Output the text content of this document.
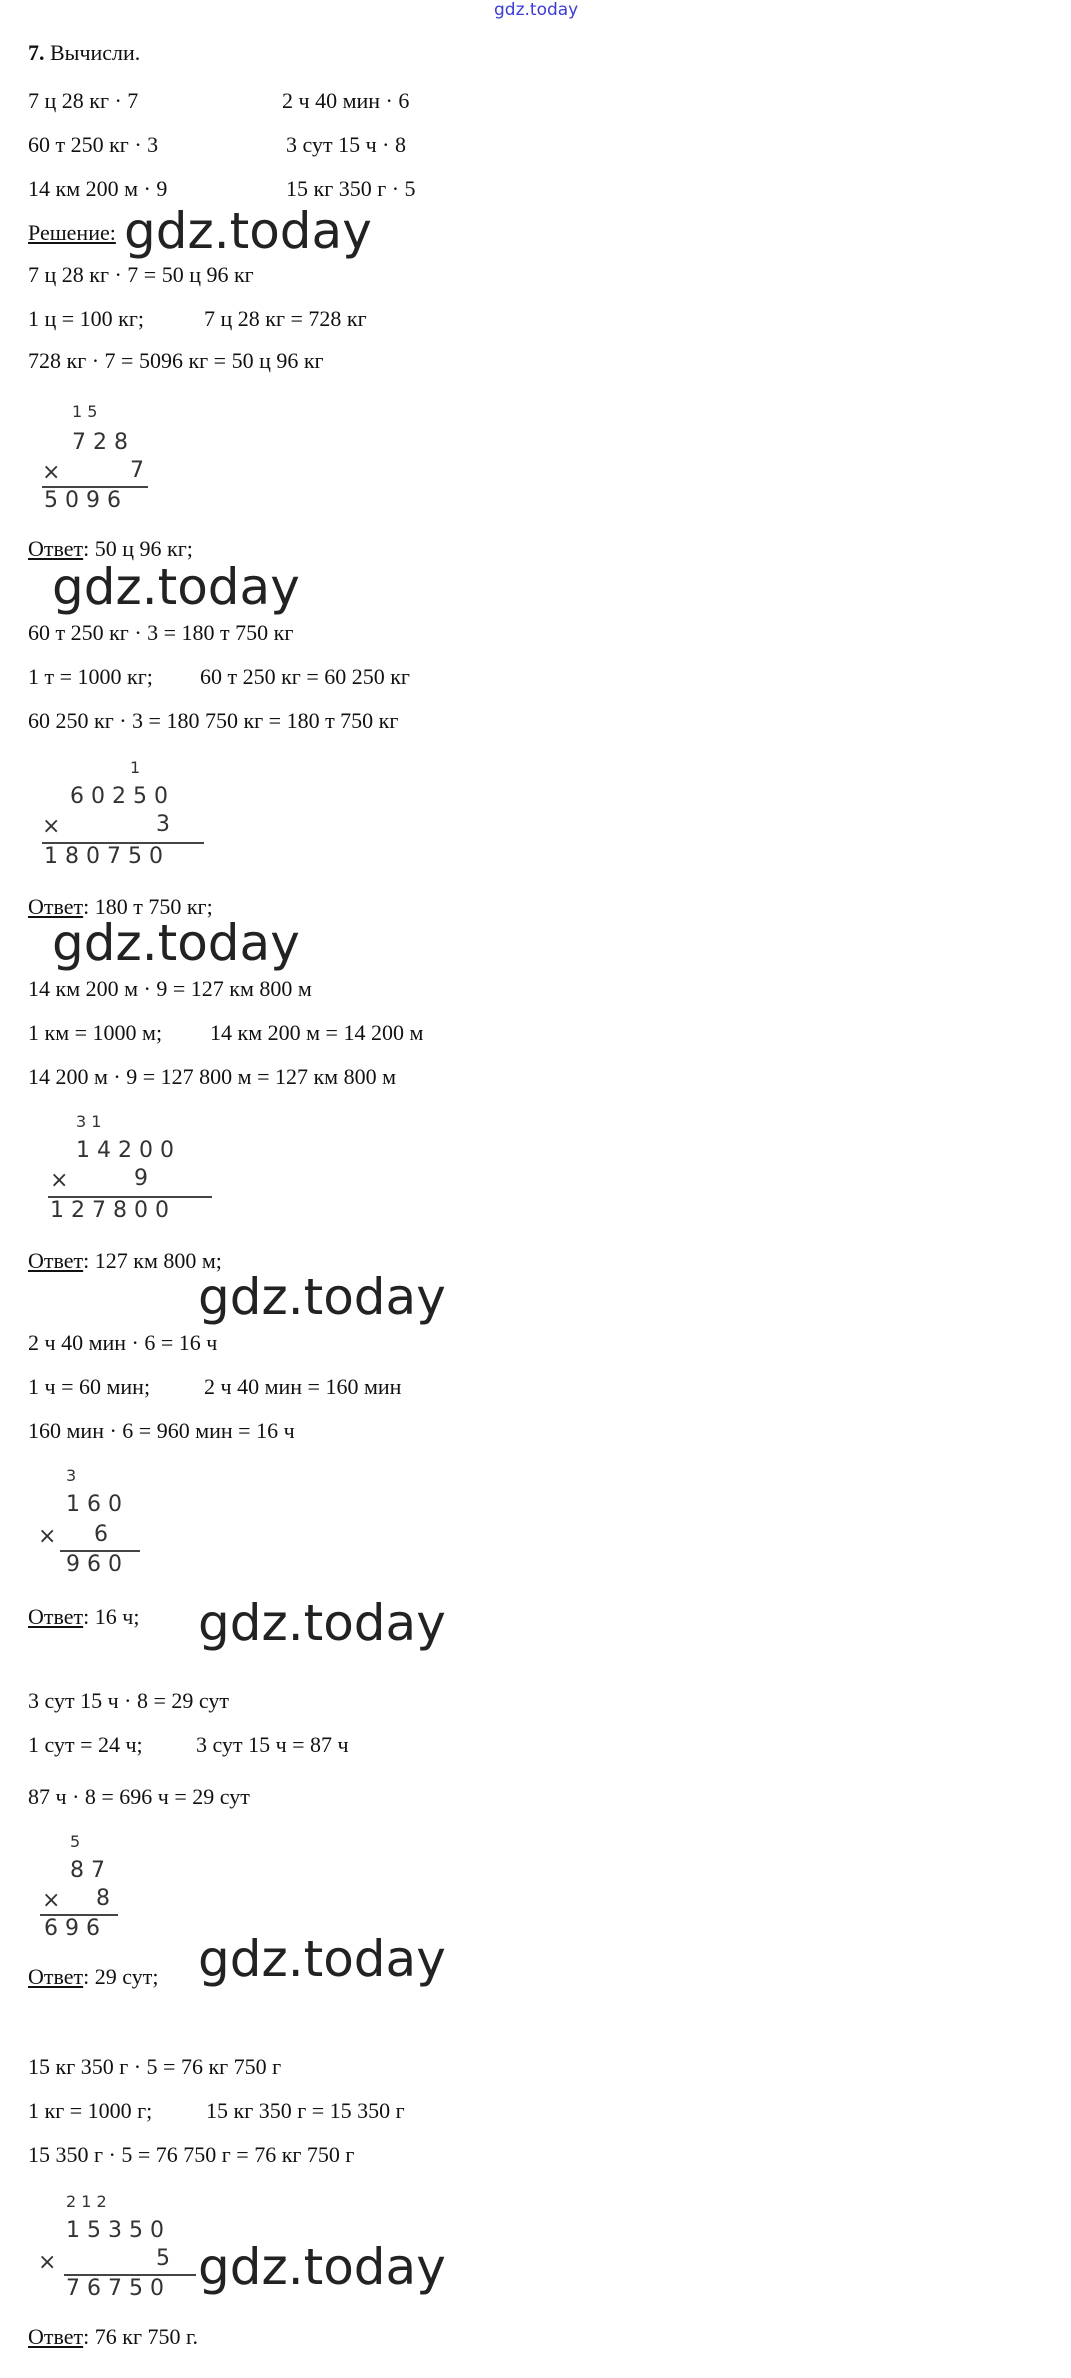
gdz.today
7. Вычисли.
7 ц 28 кг · 7	2 ч 40 мин · 6
60 т 250 кг · 3	3 сут 15 ч · 8
14 км 200 м · 9	15 кг 350 г · 5
Решение: gdz.today
7 ц 28 кг · 7 = 50 ц 96 кг
1 ц = 100 кг;	7 ц 28 кг = 728 кг
728 кг · 7 = 5096 кг = 50 ц 96 кг
1 5
7 2 8
×	7
5 0 9 6
Ответ: 50 ц 96 кг;
gdz.today
60 т 250 кг · 3 = 180 т 750 кг
1 т = 1000 кг; 60 т 250 кг = 60 250 кг
60 250 кг · 3 = 180 750 кг = 180 т 750 кг
1
6 0 2 5 0
×	3
1 8 0 7 5 0
Ответ: 180 т 750 кг;
gdz.today
14 км 200 м · 9 = 127 км 800 м
1 км = 1000 м; 14 км 200 м = 14 200 м
14 200 м · 9 = 127 800 м = 127 км 800 м
3 1
1 4 2 0 0
×	9
1 2 7 8 0 0
Ответ: 127 км 800 м;
gdz.today
2 ч 40 мин · 6 = 16 ч
1 ч = 60 мин; 2 ч 40 мин = 160 мин
160 мин · 6 = 960 мин = 16 ч
3
1 6 0
× 6
9 6 0
Ответ: 16 ч; gdz.today
3 сут 15 ч · 8 = 29 сут
1 сут = 24 ч; 3 сут 15 ч = 87 ч
87 ч · 8 = 696 ч = 29 сут
5
8 7
× 8
6 9 6
gdz.today
Ответ: 29 сут;
15 кг 350 г · 5 = 76 кг 750 г
1 кг = 1000 г; 15 кг 350 г = 15 350 г
15 350 г · 5 = 76 750 г = 76 кг 750 г
2 1 2
1 5 3 5 0
×	5
7 6 7 5 0 gdz.today
Ответ: 76 кг 750 г.
